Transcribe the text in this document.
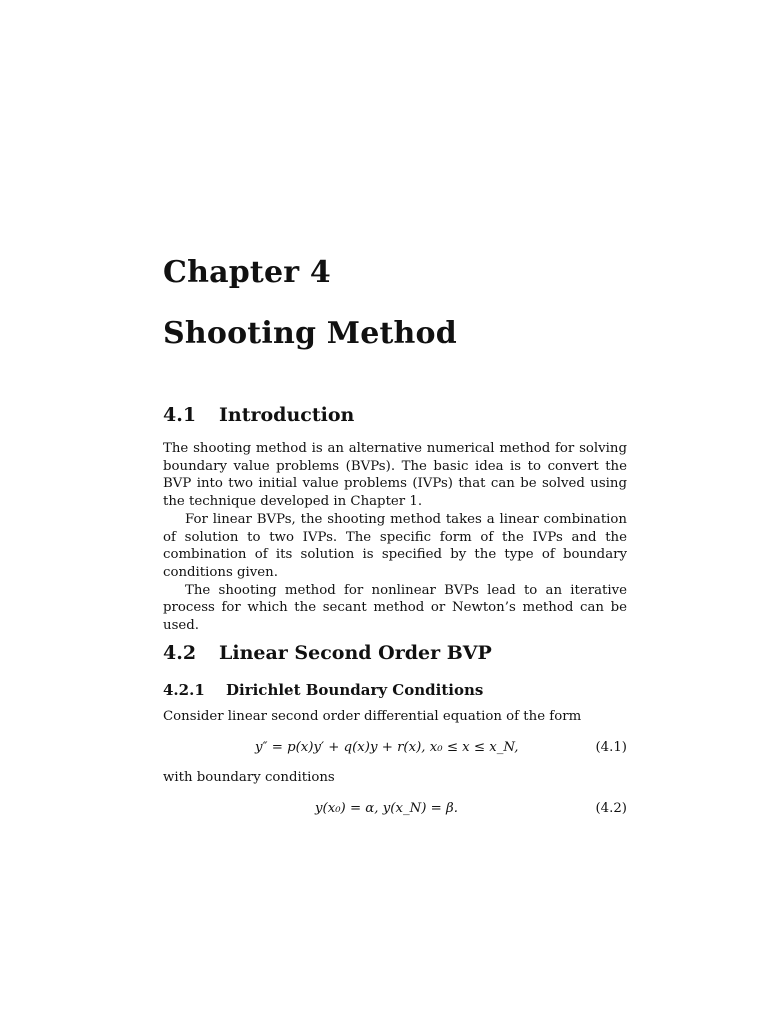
Chapter 4
Shooting Method
4.1 Introduction

The shooting method is an alternative numerical method for solving boundary value problems (BVPs). The basic idea is to convert the BVP into two initial value problems (IVPs) that can be solved using the technique developed in Chapter 1.

For linear BVPs, the shooting method takes a linear combination of solution to two IVPs. The specific form of the IVPs and the combination of its solution is specified by the type of boundary conditions given.

The shooting method for nonlinear BVPs lead to an iterative process for which the secant method or Newton’s method can be used.

4.2 Linear Second Order BVP
4.2.1 Dirichlet Boundary Conditions

Consider linear second order differential equation of the form

y″ = p(x)y′ + q(x)y + r(x), x₀ ≤ x ≤ x_N,	(4.1)

with boundary conditions

y(x₀) = α, y(x_N) = β.	(4.2)
